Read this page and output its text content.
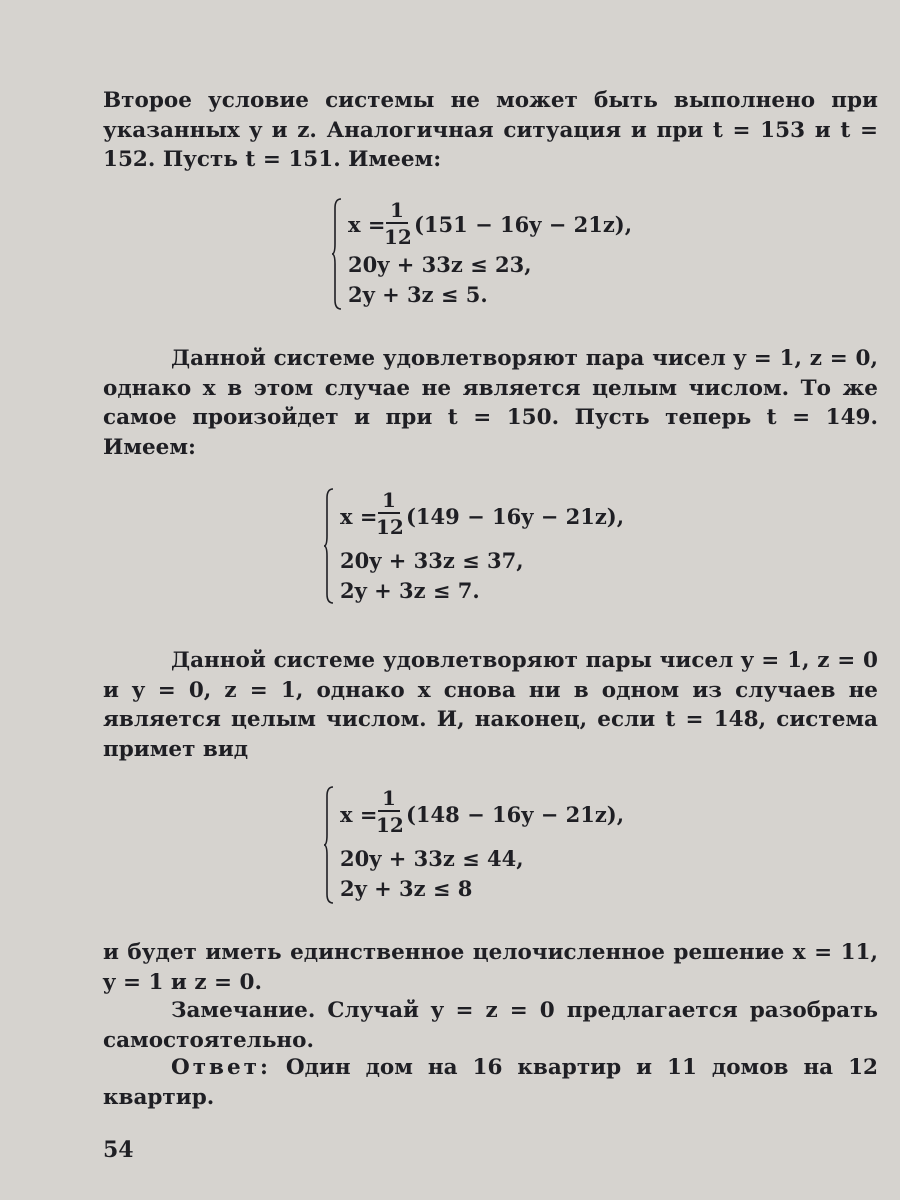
Второе условие системы не может быть выполнено при указанных y и z. Аналогичная ситуация и при t = 153 и t = 152. Пусть t = 151. Имеем:
x =
1
12 (151 − 16y − 21z),
20y + 33z ≤ 23,
2y + 3z ≤ 5.
Данной системе удовлетворяют пара чисел y = 1, z = 0, однако x в этом случае не является целым числом. То же самое произойдет и при t = 150. Пусть теперь t = 149. Имеем:
x =
1
12 (149 − 16y − 21z),
20y + 33z ≤ 37,
2y + 3z ≤ 7.
Данной системе удовлетворяют пары чисел y = 1, z = 0 и y = 0, z = 1, однако x снова ни в одном из случаев не является целым числом. И, наконец, если t = 148, система примет вид
x =
1
12 (148 − 16y − 21z),
20y + 33z ≤ 44,
2y + 3z ≤ 8
и будет иметь единственное целочисленное решение x = 11, y = 1 и z = 0.
Замечание. Случай y = z = 0 предлагается разобрать самостоятельно.
Ответ: Один дом на 16 квартир и 11 домов на 12 квартир.
54
